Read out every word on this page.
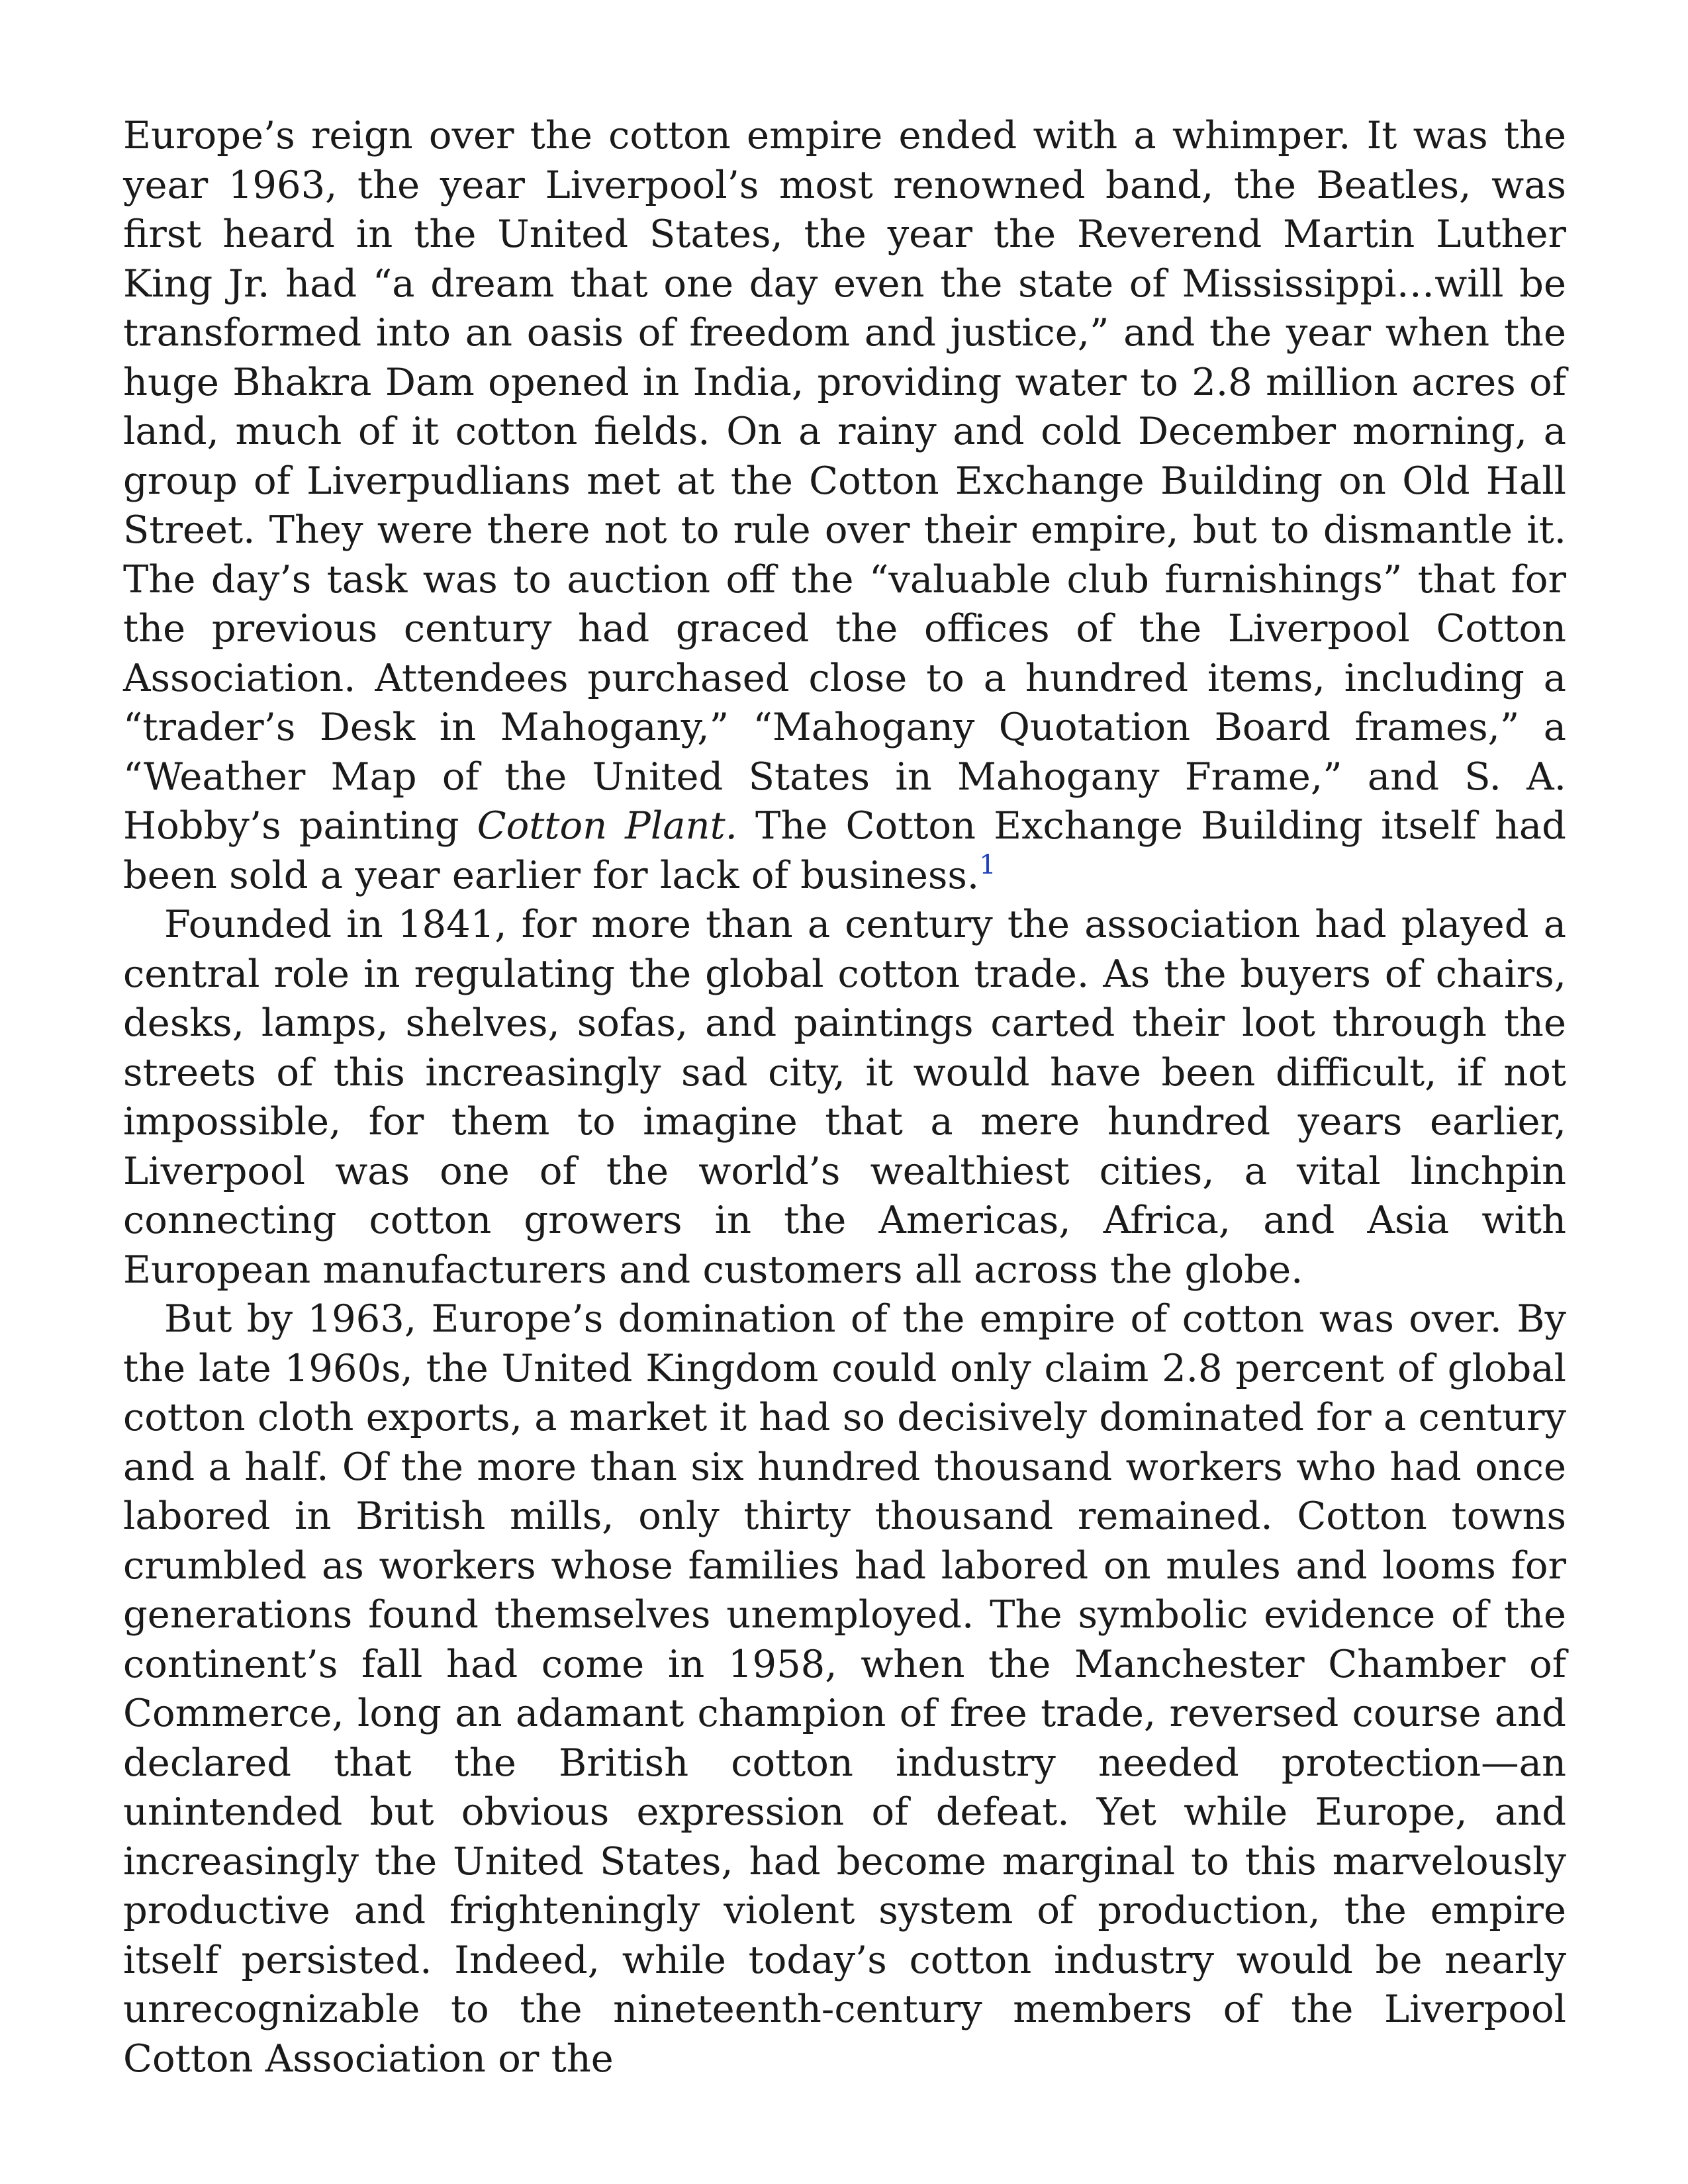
Europe’s reign over the cotton empire ended with a whimper. It was the year 1963, the year Liverpool’s most renowned band, the Beatles, was first heard in the United States, the year the Reverend Martin Luther King Jr. had “a dream that one day even the state of Mississippi…will be transformed into an oasis of freedom and justice,” and the year when the huge Bhakra Dam opened in India, providing water to 2.8 million acres of land, much of it cotton fields. On a rainy and cold December morning, a group of Liverpudlians met at the Cotton Exchange Building on Old Hall Street. They were there not to rule over their empire, but to dismantle it. The day’s task was to auction off the “valuable club furnishings” that for the previous century had graced the offices of the Liverpool Cotton Association. Attendees purchased close to a hundred items, including a “trader’s Desk in Mahogany,” “Mahogany Quotation Board frames,” a “Weather Map of the United States in Mahogany Frame,” and S. A. Hobby’s painting Cotton Plant. The Cotton Exchange Building itself had been sold a year earlier for lack of business.$^1$

Founded in 1841, for more than a century the association had played a central role in regulating the global cotton trade. As the buyers of chairs, desks, lamps, shelves, sofas, and paintings carted their loot through the streets of this increasingly sad city, it would have been difficult, if not impossible, for them to imagine that a mere hundred years earlier, Liverpool was one of the world’s wealthiest cities, a vital linchpin connecting cotton growers in the Americas, Africa, and Asia with European manufacturers and customers all across the globe.

But by 1963, Europe’s domination of the empire of cotton was over. By the late 1960s, the United Kingdom could only claim 2.8 percent of global cotton cloth exports, a market it had so decisively dominated for a century and a half. Of the more than six hundred thousand workers who had once labored in British mills, only thirty thousand remained. Cotton towns crumbled as workers whose families had labored on mules and looms for generations found themselves unemployed. The symbolic evidence of the continent’s fall had come in 1958, when the Manchester Chamber of Commerce, long an adamant champion of free trade, reversed course and declared that the British cotton industry needed protection—an unintended but obvious expression of defeat. Yet while Europe, and increasingly the United States, had become marginal to this marvelously productive and frighteningly violent system of production, the empire itself persisted. Indeed, while today’s cotton industry would be nearly unrecognizable to the nineteenth-century members of the Liverpool Cotton Association or the
